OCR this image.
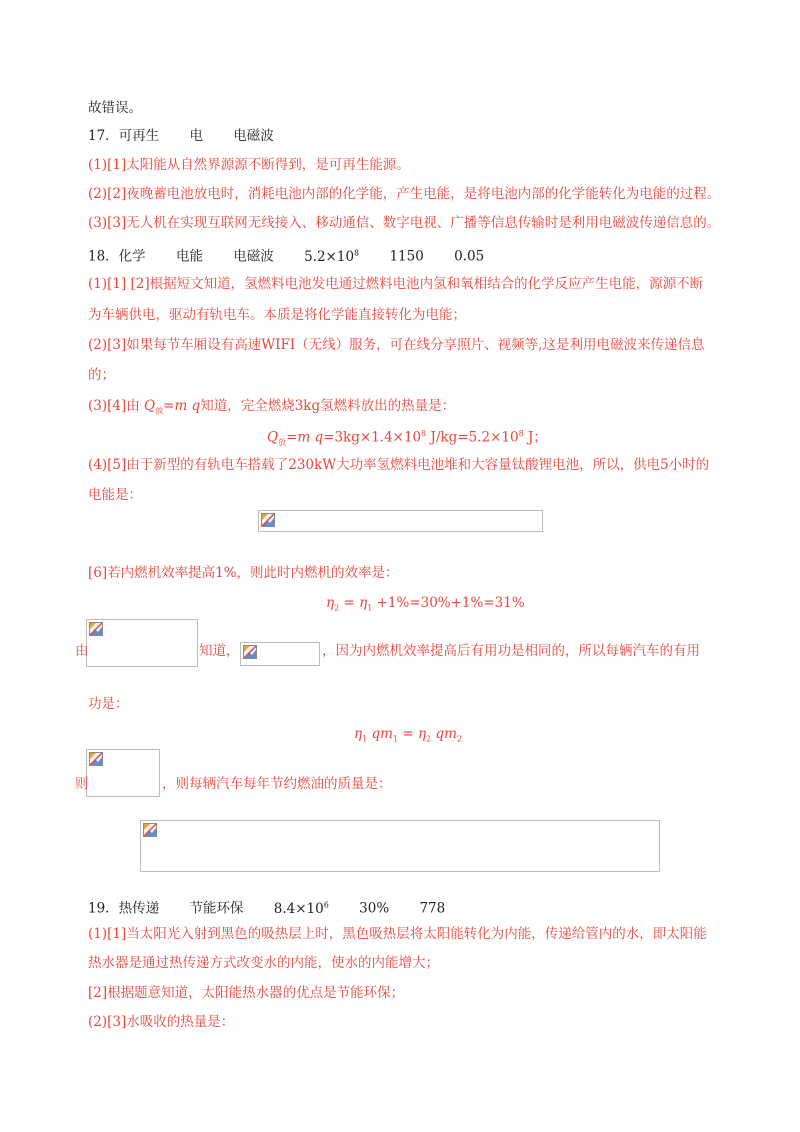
故错误。
17．可再生 电 电磁波
(1)[1]太阳能从自然界源源不断得到，是可再生能源。
(2)[2]夜晚蓄电池放电时，消耗电池内部的化学能，产生电能，是将电池内部的化学能转化为电能的过程。
(3)[3]无人机在实现互联网无线接入、移动通信、数字电视、广播等信息传输时是利用电磁波传递信息的。
18．化学 电能 电磁波 $5.2\times 10^8$ 1150 0.05
(1)[1] [2]根据短文知道，氢燃料电池发电通过燃料电池内氢和氧相结合的化学反应产生电能，源源不断
为车辆供电，驱动有轨电车。本质是将化学能直接转化为电能；
(2)[3]如果每节车厢设有高速WIFI（无线）服务，可在线分享照片、视频等,这是利用电磁波来传递信息
的；
(3)[4]由 $Q_放=m$ q知道，完全燃烧3kg氢燃料放出的热量是：
$Q_放=m$ $q=3kg\times 1.4\times 10^8$ $J/kg=5.2\times 10^8$ J；
(4)[5]由于新型的有轨电车搭载了230kW大功率氢燃料电池堆和大容量钛酸锂电池，所以，供电5小时的
电能是：
[6]若内燃机效率提高1%，则此时内燃机的效率是：
$\eta_2 = \eta_1 +1\%=30\%+1\%=31\%$
由	知道，	，因为内燃机效率提高后有用功是相同的，所以每辆汽车的有用
功是：
$\eta_1$ $qm_1 = \eta_2$ $qm_2$
则	，则每辆汽车每年节约燃油的质量是：
19．热传递 节能环保 $8.4\times 10^6$ 30% 778
(1)[1]当太阳光入射到黑色的吸热层上时，黑色吸热层将太阳能转化为内能，传递给管内的水，即太阳能
热水器是通过热传递方式改变水的内能，使水的内能增大；
[2]根据题意知道，太阳能热水器的优点是节能环保；
(2)[3]水吸收的热量是：
